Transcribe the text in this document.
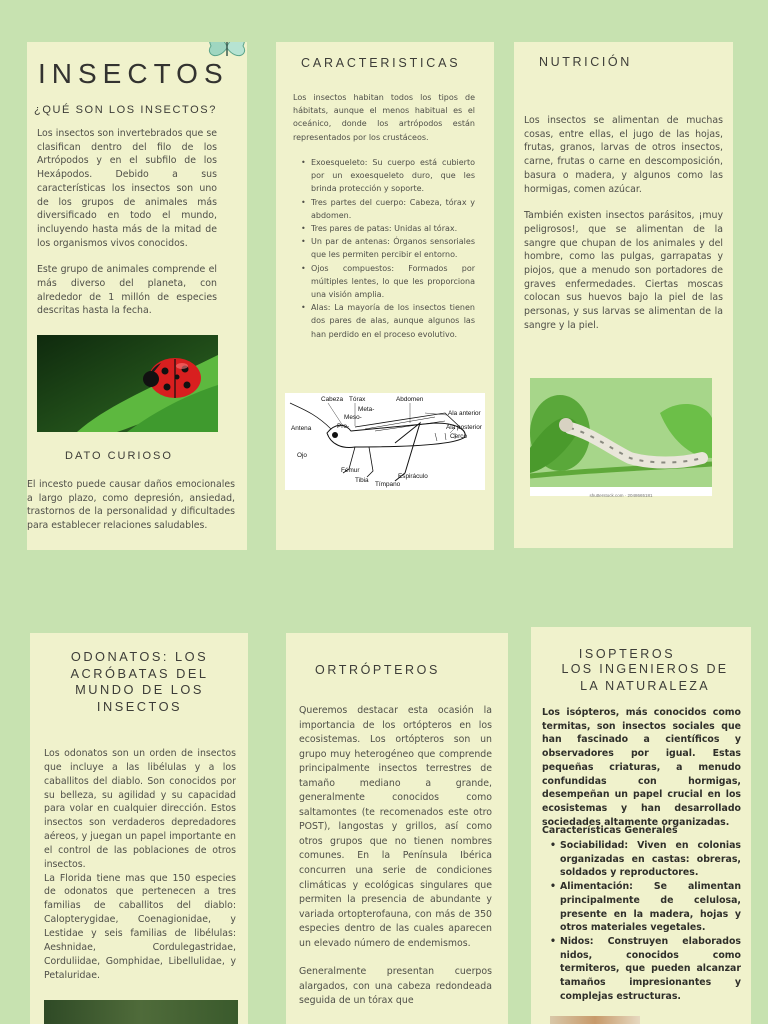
INSECTOS
¿QUÉ SON LOS INSECTOS?

Los insectos son invertebrados que se clasifican dentro del filo de los Artrópodos y en el subfilo de los Hexápodos. Debido a sus características los insectos son uno de los grupos de animales más diversificado en todo el mundo, incluyendo hasta más de la mitad de los organismos vivos conocidos.

Este grupo de animales comprende el más diverso del planeta, con alrededor de 1 millón de especies descritas hasta la fecha.

DATO CURIOSO
El incesto puede causar daños emocionales a largo plazo, como depresión, ansiedad, trastornos de la personalidad y dificultades para establecer relaciones saludables.
CARACTERISTICAS
Los insectos habitan todos los tipos de hábitats, aunque el menos habitual es el oceánico, donde los artrópodos están representados por los crustáceos.
• Exoesqueleto: Su cuerpo está cubierto por un exoesqueleto duro, que les brinda protección y soporte.
• Tres partes del cuerpo: Cabeza, tórax y abdomen.
• Tres pares de patas: Unidas al tórax.
• Un par de antenas: Órganos sensoriales que les permiten percibir el entorno.
• Ojos compuestos: Formados por múltiples lentes, lo que les proporciona una visión amplia.
• Alas: La mayoría de los insectos tienen dos pares de alas, aunque algunos las han perdido en el proceso evolutivo.
Cabeza Tórax	Abdomen
Meta-
Meso-
Pro-
Antena
Ojo
Ala anterior
Ala posterior
Cerco
Fémur
Espiráculo
Tibia
Tímpano
NUTRICIÓN

Los insectos se alimentan de muchas cosas, entre ellas, el jugo de las hojas, frutas, granos, larvas de otros insectos, carne, frutas o carne en descomposición, basura o madera, y algunos como las hormigas, comen azúcar.

También existen insectos parásitos, ¡muy peligrosos!, que se alimentan de la sangre que chupan de los animales y del hombre, como las pulgas, garrapatas y piojos, que a menudo son portadores de graves enfermedades. Ciertas moscas colocan sus huevos bajo la piel de las personas, y sus larvas se alimentan de la sangre y la piel.

shutterstock.com · 2048665181
ODONATOS: LOS ACRÓBATAS DEL MUNDO DE LOS INSECTOS

Los odonatos son un orden de insectos que incluye a las libélulas y a los caballitos del diablo. Son conocidos por su belleza, su agilidad y su capacidad para volar en cualquier dirección. Estos insectos son verdaderos depredadores aéreos, y juegan un papel importante en el control de las poblaciones de otros insectos.

La Florida tiene mas que 150 especies de odonatos que pertenecen a tres familias de caballitos del diablo: Calopterygidae, Coenagionidae, y Lestidae y seis familias de libélulas: Aeshnidae, Cordulegastridae, Corduliidae, Gomphidae, Libellulidae, y Petaluridae.

ORTRÓPTEROS

Queremos destacar esta ocasión la importancia de los ortópteros en los ecosistemas. Los ortópteros son un grupo muy heterogéneo que comprende principalmente insectos terrestres de tamaño mediano a grande, generalmente conocidos como saltamontes (te recomenados este otro POST), langostas y grillos, así como otros grupos que no tienen nombres comunes. En la Península Ibérica concurren una serie de condiciones climáticas y ecológicas singulares que permiten la presencia de abundante y variada ortopterofauna, con más de 350 especies dentro de las cuales aparecen un elevado número de endemismos.

Generalmente presentan cuerpos alargados, con una cabeza redondeada seguida de un tórax que

ISOPTEROS
LOS INGENIEROS DE LA NATURALEZA
Los isópteros, más conocidos como termitas, son insectos sociales que han fascinado a científicos y observadores por igual. Estas pequeñas criaturas, a menudo confundidas con hormigas, desempeñan un papel crucial en los ecosistemas y han desarrollado sociedades altamente organizadas.
Características Generales
• Sociabilidad: Viven en colonias organizadas en castas: obreras, soldados y reproductores.
• Alimentación: Se alimentan principalmente de celulosa, presente en la madera, hojas y otros materiales vegetales.
• Nidos: Construyen elaborados nidos, conocidos como termiteros, que pueden alcanzar tamaños impresionantes y complejas estructuras.
